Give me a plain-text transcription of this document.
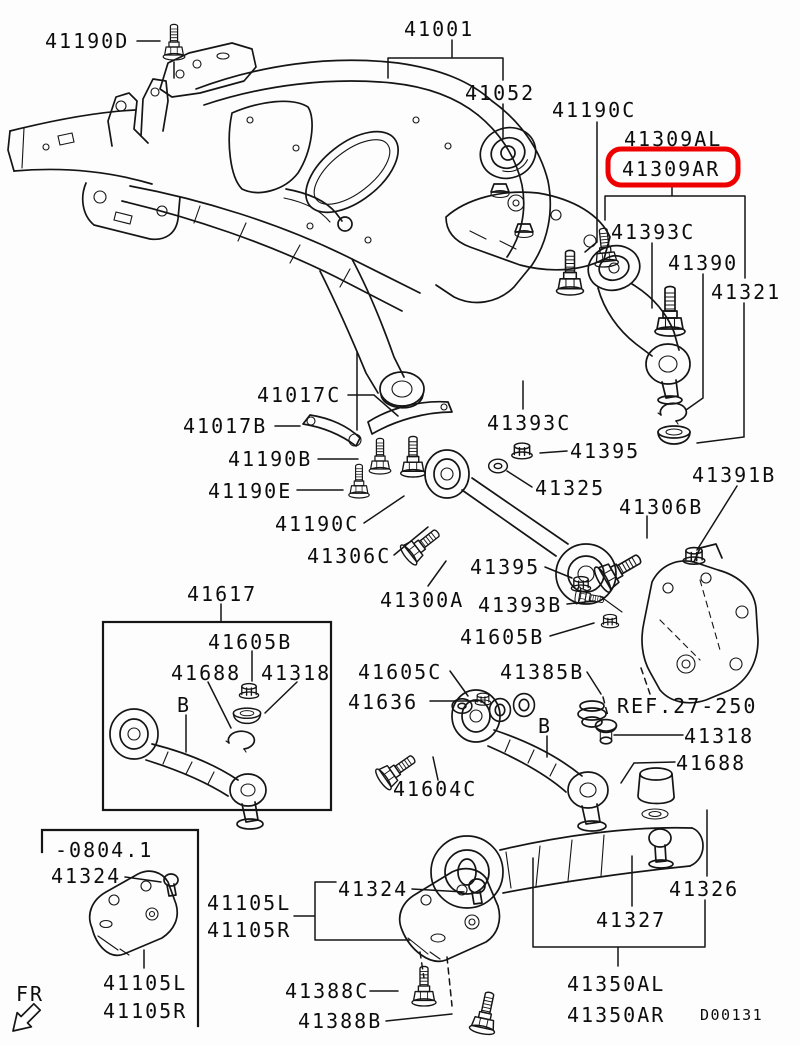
41190D	41001
41052
41190C
41309AL
41309AR
41393C
41390
41321
41017C
41017B
41190B
41190E
41190C
41306C
41393C
41395
41325
41391B
41306B
41395
41300A 41393B
41605B
41605C	41385B
41636
B
41604C
REF.27-250
41318
41688
41326
41327
41350AL
41350AR
41617
41605B
41688 41318
B
-0804.1
41324
41105L
41105R
41105L
41105R
41324
41388C
41388B
FR
D00131
